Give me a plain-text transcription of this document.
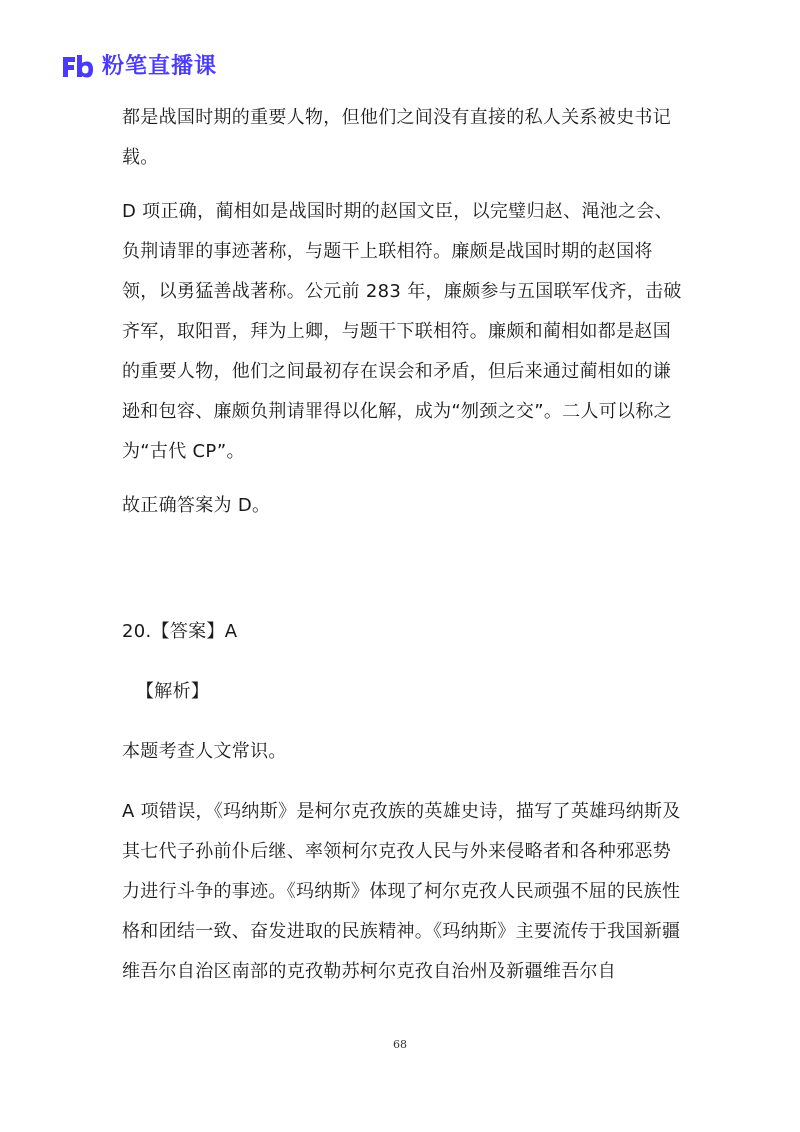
粉笔直播课

都是战国时期的重要人物，但他们之间没有直接的私人关系被史书记载。

D 项正确，蔺相如是战国时期的赵国文臣，以完璧归赵、渑池之会、负荆请罪的事迹著称，与题干上联相符。廉颇是战国时期的赵国将领，以勇猛善战著称。公元前 283 年，廉颇参与五国联军伐齐，击破齐军，取阳晋，拜为上卿，与题干下联相符。廉颇和蔺相如都是赵国的重要人物，他们之间最初存在误会和矛盾，但后来通过蔺相如的谦逊和包容、廉颇负荆请罪得以化解，成为“刎颈之交”。二人可以称之为“古代 CP”。

故正确答案为 D。

20.【答案】A

【解析】

本题考查人文常识。

A 项错误，《玛纳斯》是柯尔克孜族的英雄史诗，描写了英雄玛纳斯及其七代子孙前仆后继、率领柯尔克孜人民与外来侵略者和各种邪恶势力进行斗争的事迹。《玛纳斯》体现了柯尔克孜人民顽强不屈的民族性格和团结一致、奋发进取的民族精神。《玛纳斯》主要流传于我国新疆维吾尔自治区南部的克孜勒苏柯尔克孜自治州及新疆维吾尔自

68
